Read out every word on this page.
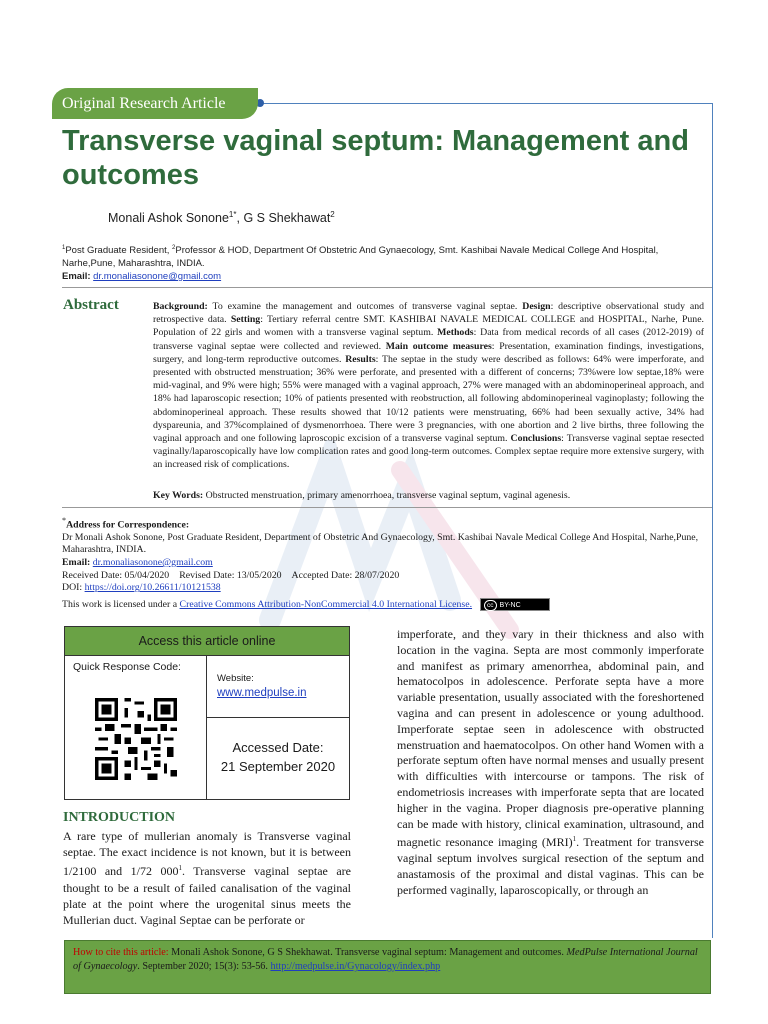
Original Research Article
Transverse vaginal septum: Management and outcomes
Monali Ashok Sonone$^{1*}$, G S Shekhawat$^2$
$^1$Post Graduate Resident, $^2$Professor & HOD, Department Of Obstetric And Gynaecology, Smt. Kashibai Navale Medical College And Hospital, Narhe,Pune, Maharashtra, INDIA.
Email: dr.monaliasonone@gmail.com
Abstract	Background: To examine the management and outcomes of transverse vaginal septae. Design: descriptive observational study and retrospective data. Setting: Tertiary referral centre SMT. KASHIBAI NAVALE MEDICAL COLLEGE and HOSPITAL, Narhe, Pune. Population of 22 girls and women with a transverse vaginal septum. Methods: Data from medical records of all cases (2012-2019) of transverse vaginal septae were collected and reviewed. Main outcome measures: Presentation, examination findings, investigations, surgery, and long-term reproductive outcomes. Results: The septae in the study were described as follows: 64% were imperforate, and presented with obstructed menstruation; 36% were perforate, and presented with a different of concerns; 73%were low septae,18% were mid-vaginal, and 9% were high; 55% were managed with a vaginal approach, 27% were managed with an abdominoperineal approach, and 18% had laparoscopic resection; 10% of patients presented with reobstruction, all following abdominoperineal vaginoplasty; following the abdominoperineal approach. These results showed that 10/12 patients were menstruating, 66% had been sexually active, 34% had dyspareunia, and 37%complained of dysmenorrhoea. There were 3 pregnancies, with one abortion and 2 live births, three following the vaginal approach and one following laproscopic excision of a transverse vaginal septum. Conclusions: Transverse vaginal septae resected vaginally/laparoscopically have low complication rates and good long-term outcomes. Complex septae require more extensive surgery, with an increased risk of complications.
Key Words: Obstructed menstruation, primary amenorrhoea, transverse vaginal septum, vaginal agenesis.
*Address for Correspondence:
Dr Monali Ashok Sonone, Post Graduate Resident, Department of Obstetric And Gynaecology, Smt. Kashibai Navale Medical College And Hospital, Narhe,Pune, Maharashtra, INDIA.
Email: dr.monaliasonone@gmail.com
Received Date: 05/04/2020 Revised Date: 13/05/2020 Accepted Date: 28/07/2020
DOI: https://doi.org/10.26611/10121538
This work is licensed under a Creative Commons Attribution-NonCommercial 4.0 International License. cc BY-NC
Access this article online
Quick Response Code:
Website:
www.medpulse.in
Accessed Date:
21 September 2020
INTRODUCTION

A rare type of mullerian anomaly is Transverse vaginal septae. The exact incidence is not known, but it is between 1/2100 and 1/72 $000^1$. Transverse vaginal septae are thought to be a result of failed canalisation of the vaginal plate at the point where the urogenital sinus meets the Mullerian duct. Vaginal Septae can be perforate or

imperforate, and they vary in their thickness and also with location in the vagina. Septa are most commonly imperforate and manifest as primary amenorrhea, abdominal pain, and hematocolpos in adolescence. Perforate septa have a more variable presentation, usually associated with the foreshortened vagina and can present in adolescence or young adulthood. Imperforate septae seen in adolescence with obstructed menstruation and haematocolpos. On other hand Women with a perforate septum often have normal menses and usually present with difficulties with intercourse or tampons. The risk of endometriosis increases with imperforate septa that are located higher in the vagina. Proper diagnosis pre-operative planning can be made with history, clinical examination, ultrasound, and magnetic resonance imaging (MRI)$^1$. Treatment for transverse vaginal septum involves surgical resection of the septum and anastamosis of the proximal and distal vaginas. This can be performed vaginally, laparoscopically, or through an

How to cite this article: Monali Ashok Sonone, G S Shekhawat. Transverse vaginal septum: Management and outcomes. MedPulse International Journal of Gynaecology. September 2020; 15(3): 53-56. http://medpulse.in/Gynacology/index.php
